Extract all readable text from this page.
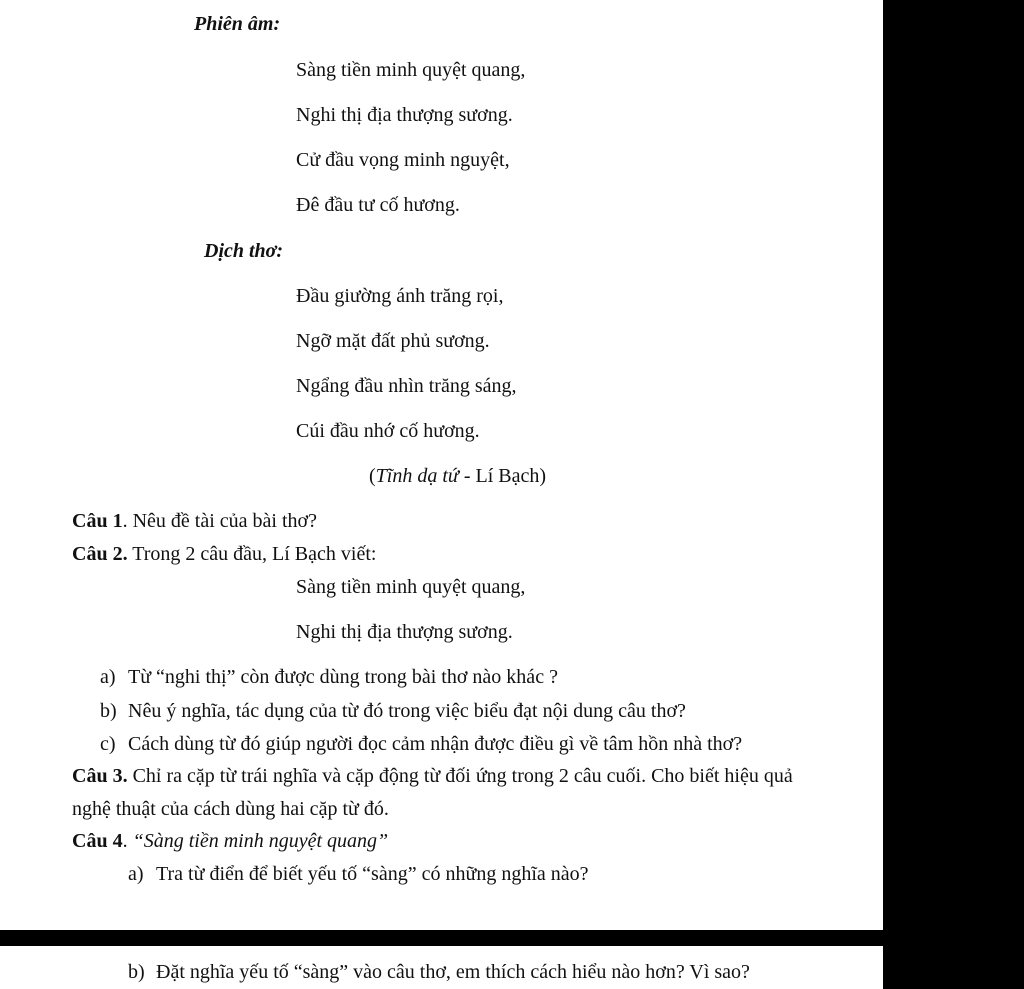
Phiên âm:
Sàng tiền minh quyệt quang,
Nghi thị địa thượng sương.
Cử đầu vọng minh nguyệt,
Đê đầu tư cố hương.
Dịch thơ:
Đầu giường ánh trăng rọi,
Ngỡ mặt đất phủ sương.
Ngẩng đầu nhìn trăng sáng,
Cúi đầu nhớ cố hương.
(Tĩnh dạ tứ - Lí Bạch)
Câu 1. Nêu đề tài của bài thơ?
Câu 2. Trong 2 câu đầu, Lí Bạch viết:
Sàng tiền minh quyệt quang,
Nghi thị địa thượng sương.
a) Từ “nghi thị” còn được dùng trong bài thơ nào khác ?
b) Nêu ý nghĩa, tác dụng của từ đó trong việc biểu đạt nội dung câu thơ?
c) Cách dùng từ đó giúp người đọc cảm nhận được điều gì về tâm hồn nhà thơ?
Câu 3. Chỉ ra cặp từ trái nghĩa và cặp động từ đối ứng trong 2 câu cuối. Cho biết hiệu quả
nghệ thuật của cách dùng hai cặp từ đó.
Câu 4. “Sàng tiền minh nguyệt quang”
a) Tra từ điển để biết yếu tố “sàng” có những nghĩa nào?
b) Đặt nghĩa yếu tố “sàng” vào câu thơ, em thích cách hiểu nào hơn? Vì sao?
